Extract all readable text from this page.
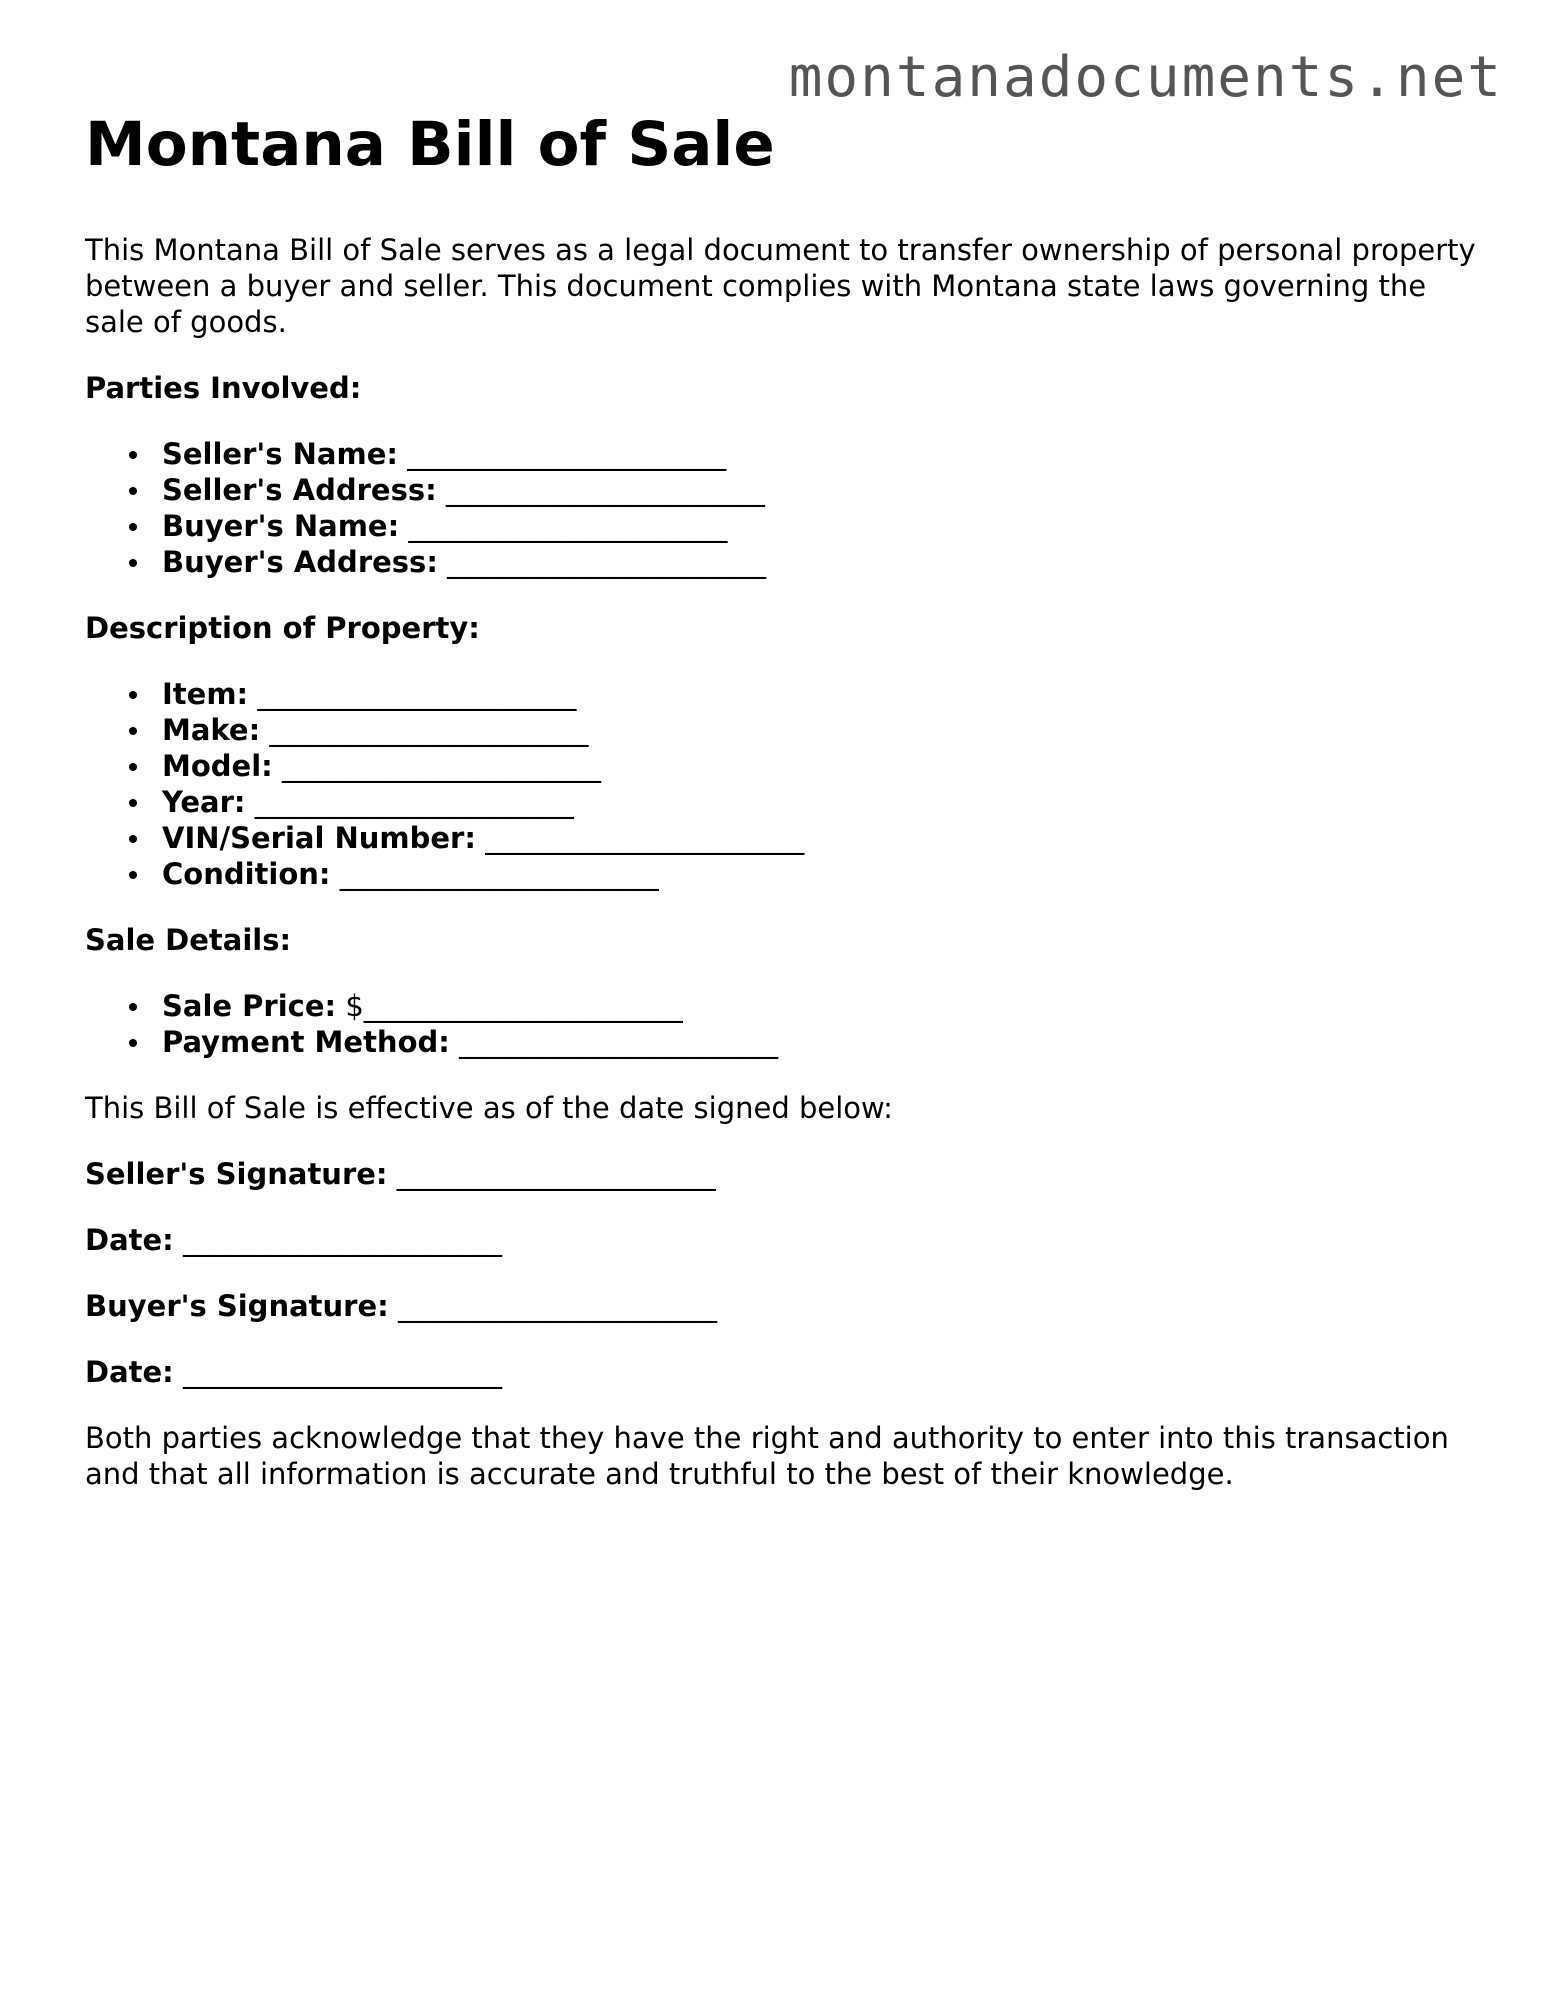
montanadocuments.net
Montana Bill of Sale

This Montana Bill of Sale serves as a legal document to transfer ownership of personal property between a buyer and seller. This document complies with Montana state laws governing the sale of goods.

Parties Involved:

Seller's Name: ______________________
Seller's Address: ______________________
Buyer's Name: ______________________
Buyer's Address: ______________________

Description of Property:

Item: ______________________
Make: ______________________
Model: ______________________
Year: ______________________
VIN/Serial Number: ______________________
Condition: ______________________

Sale Details:

Sale Price: $______________________
Payment Method: ______________________

This Bill of Sale is effective as of the date signed below:

Seller's Signature: ______________________

Date: ______________________

Buyer's Signature: ______________________

Date: ______________________

Both parties acknowledge that they have the right and authority to enter into this transaction and that all information is accurate and truthful to the best of their knowledge.
